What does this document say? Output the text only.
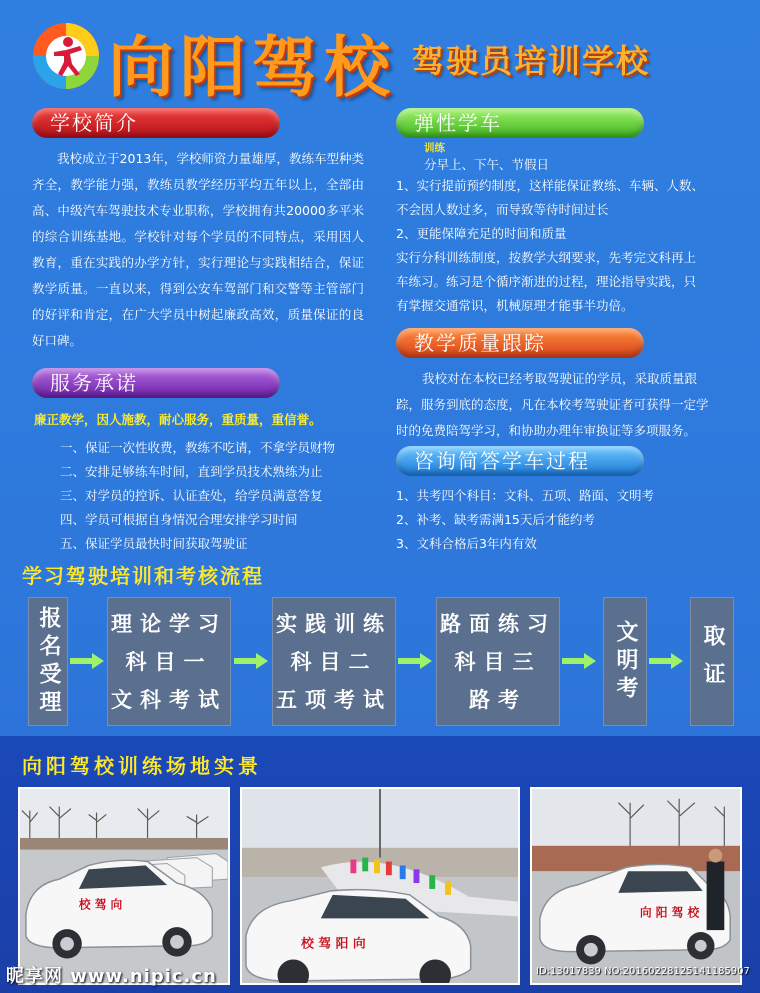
向阳驾校 驾驶员培训学校
学校简介
我校成立于2013年，学校师资力量雄厚，教练车型种类齐全，教学能力强，教练员教学经历平均五年以上，全部由高、中级汽车驾驶技术专业职称，学校拥有共20000多平米的综合训练基地。学校针对每个学员的不同特点，采用因人教育，重在实践的办学方针，实行理论与实践相结合，保证教学质量。一直以来，得到公安车驾部门和交警等主管部门的好评和肯定，在广大学员中树起廉政高效，质量保证的良好口碑。
服务承诺
廉正教学，因人施教，耐心服务，重质量，重信誉。
一、保证一次性收费，教练不吃请，不拿学员财物
二、安排足够练车时间，直到学员技术熟练为止
三、对学员的控诉、认证查处，给学员满意答复
四、学员可根据自身情况合理安排学习时间
五、保证学员最快时间获取驾驶证
弹性学车
训练
分早上、下午、节假日
1、实行提前预约制度，这样能保证教练、车辆、人数、
不会因人数过多，而导致等待时间过长
2、更能保障充足的时间和质量
实行分科训练制度，按教学大纲要求，先考完文科再上
车练习。练习是个循序渐进的过程，理论指导实践，只
有掌握交通常识，机械原理才能事半功倍。
教学质量跟踪
我校对在本校已经考取驾驶证的学员，采取质量跟
踪，服务到底的态度，凡在本校考驾驶证者可获得一定学
时的免费陪驾学习，和协助办理年审换证等多项服务。
咨询简答学车过程
1、共考四个科目：文科、五项、路面、文明考
2、补考、缺考需满15天后才能约考
3、文科合格后3年内有效
学习驾驶培训和考核流程
报名受理 理论学习
科目一
文科考试
实践训练
科目二
五项考试
路面练习
科目三
路考	文明考	取证
向阳驾校训练场地实景
校 驾 向
校 驾 阳 向
向 阳 驾 校
昵享网 www.nipic.cn	ID:13017839 NO:20160228125141185907
